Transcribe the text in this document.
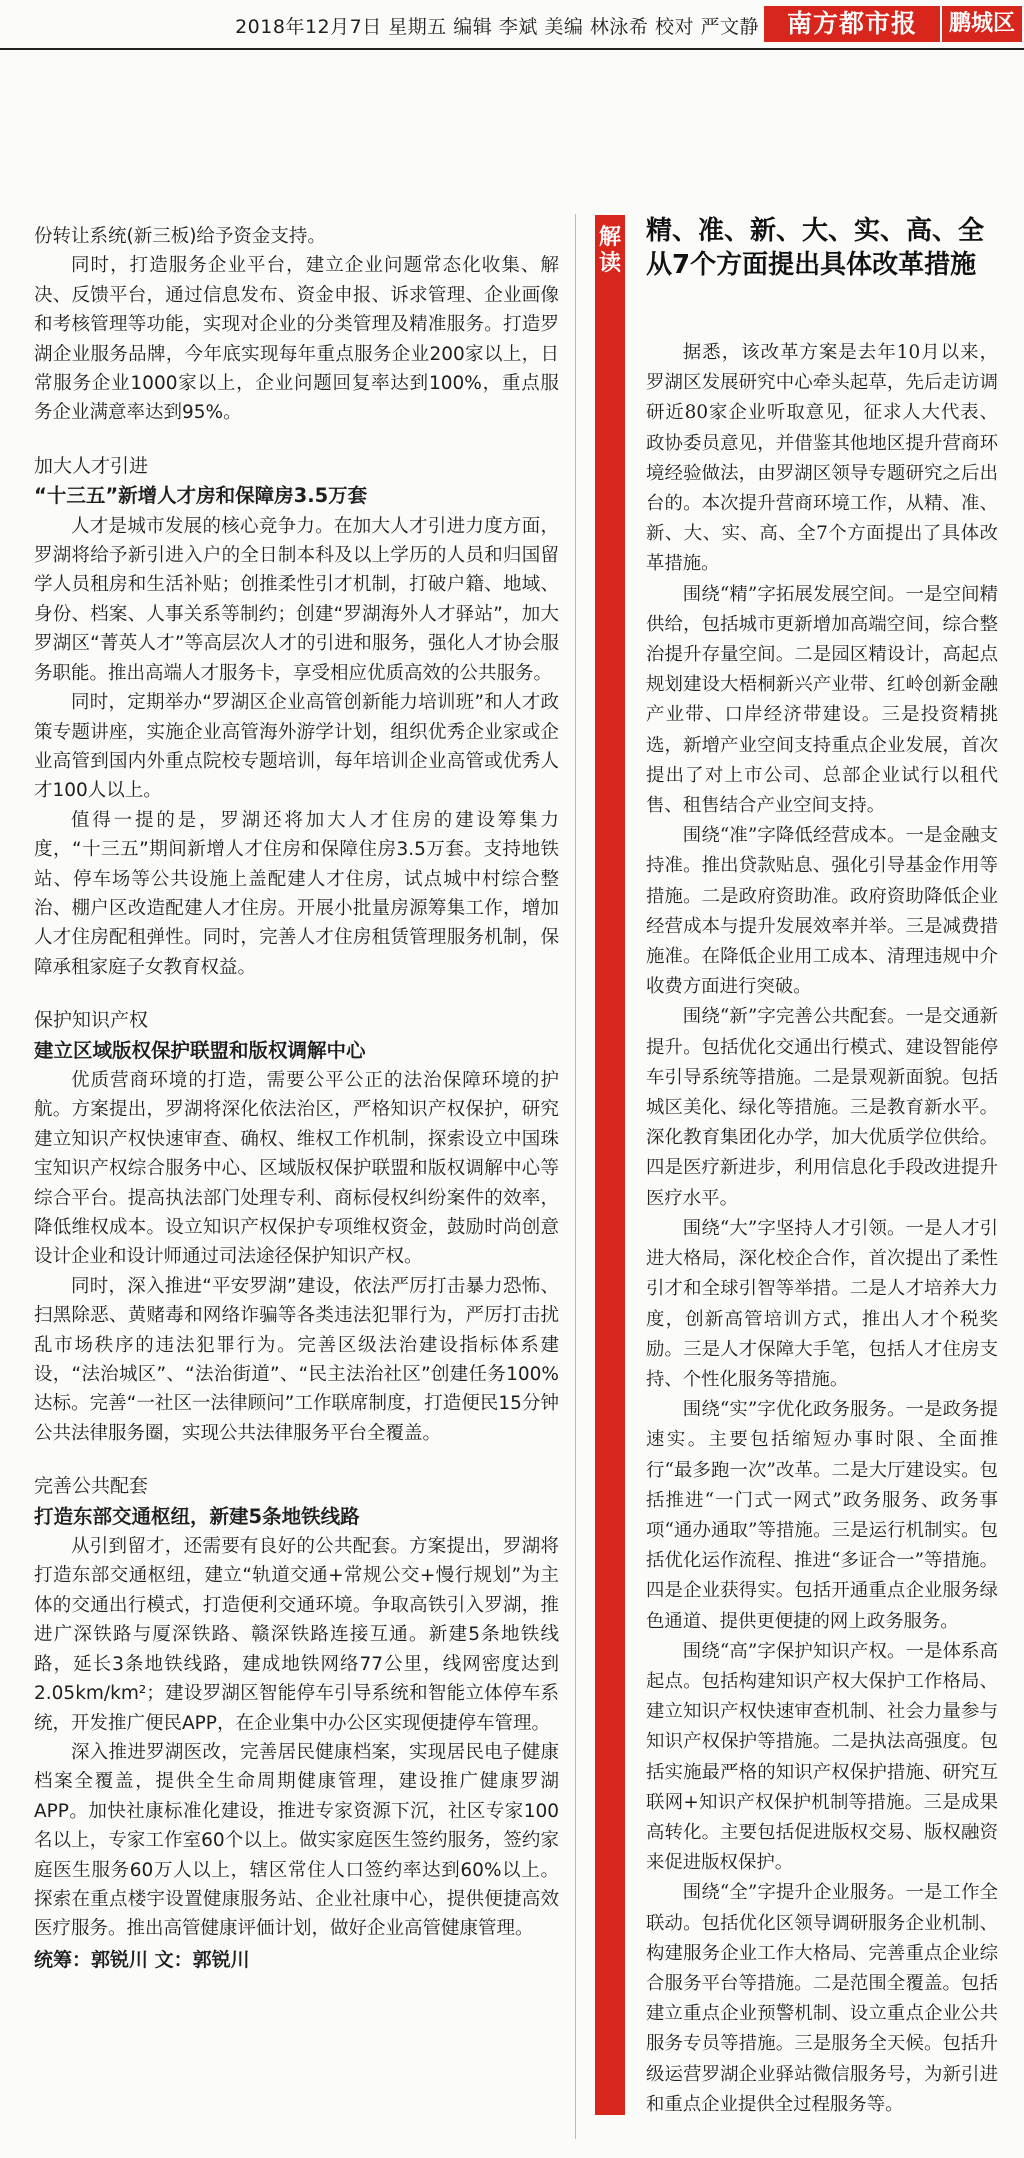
2018年12月7日 星期五 编辑 李斌 美编 林泳希 校对 严文静	南方都市报	鹏城区

份转让系统(新三板)给予资金支持。

同时，打造服务企业平台，建立企业问题常态化收集、解决、反馈平台，通过信息发布、资金申报、诉求管理、企业画像和考核管理等功能，实现对企业的分类管理及精准服务。打造罗湖企业服务品牌，今年底实现每年重点服务企业200家以上，日常服务企业1000家以上，企业问题回复率达到100%，重点服务企业满意率达到95%。

加大人才引进
“十三五”新增人才房和保障房3.5万套

人才是城市发展的核心竞争力。在加大人才引进力度方面，罗湖将给予新引进入户的全日制本科及以上学历的人员和归国留学人员租房和生活补贴；创推柔性引才机制，打破户籍、地域、身份、档案、人事关系等制约；创建“罗湖海外人才驿站”，加大罗湖区“菁英人才”等高层次人才的引进和服务，强化人才协会服务职能。推出高端人才服务卡，享受相应优质高效的公共服务。

同时，定期举办“罗湖区企业高管创新能力培训班”和人才政策专题讲座，实施企业高管海外游学计划，组织优秀企业家或企业高管到国内外重点院校专题培训，每年培训企业高管或优秀人才100人以上。

值得一提的是，罗湖还将加大人才住房的建设筹集力度，“十三五”期间新增人才住房和保障住房3.5万套。支持地铁站、停车场等公共设施上盖配建人才住房，试点城中村综合整治、棚户区改造配建人才住房。开展小批量房源筹集工作，增加人才住房配租弹性。同时，完善人才住房租赁管理服务机制，保障承租家庭子女教育权益。

保护知识产权
建立区域版权保护联盟和版权调解中心

优质营商环境的打造，需要公平公正的法治保障环境的护航。方案提出，罗湖将深化依法治区，严格知识产权保护，研究建立知识产权快速审查、确权、维权工作机制，探索设立中国珠宝知识产权综合服务中心、区域版权保护联盟和版权调解中心等综合平台。提高执法部门处理专利、商标侵权纠纷案件的效率，降低维权成本。设立知识产权保护专项维权资金，鼓励时尚创意设计企业和设计师通过司法途径保护知识产权。

同时，深入推进“平安罗湖”建设，依法严厉打击暴力恐怖、扫黑除恶、黄赌毒和网络诈骗等各类违法犯罪行为，严厉打击扰乱市场秩序的违法犯罪行为。完善区级法治建设指标体系建设，“法治城区”、“法治街道”、“民主法治社区”创建任务100%达标。完善“一社区一法律顾问”工作联席制度，打造便民15分钟公共法律服务圈，实现公共法律服务平台全覆盖。

完善公共配套
打造东部交通枢纽，新建5条地铁线路

从引到留才，还需要有良好的公共配套。方案提出，罗湖将打造东部交通枢纽，建立“轨道交通+常规公交+慢行规划”为主体的交通出行模式，打造便利交通环境。争取高铁引入罗湖，推进广深铁路与厦深铁路、赣深铁路连接互通。新建5条地铁线路，延长3条地铁线路，建成地铁网络77公里，线网密度达到2.05km/km²；建设罗湖区智能停车引导系统和智能立体停车系统，开发推广便民APP，在企业集中办公区实现便捷停车管理。

深入推进罗湖医改，完善居民健康档案，实现居民电子健康档案全覆盖，提供全生命周期健康管理，建设推广健康罗湖APP。加快社康标准化建设，推进专家资源下沉，社区专家100名以上，专家工作室60个以上。做实家庭医生签约服务，签约家庭医生服务60万人以上，辖区常住人口签约率达到60%以上。探索在重点楼宇设置健康服务站、企业社康中心，提供便捷高效医疗服务。推出高管健康评価计划，做好企业高管健康管理。

统筹：郭锐川 文：郭锐川
解读
精、准、新、大、实、高、全
从7个方面提出具体改革措施

据悉，该改革方案是去年10月以来，罗湖区发展研究中心牵头起草，先后走访调研近80家企业听取意见，征求人大代表、政协委员意见，并借鉴其他地区提升营商环境经验做法，由罗湖区领导专题研究之后出台的。本次提升营商环境工作，从精、准、新、大、实、高、全7个方面提出了具体改革措施。

围绕“精”字拓展发展空间。一是空间精供给，包括城市更新增加高端空间，综合整治提升存量空间。二是园区精设计，高起点规划建设大梧桐新兴产业带、红岭创新金融产业带、口岸经济带建设。三是投资精挑选，新增产业空间支持重点企业发展，首次提出了对上市公司、总部企业试行以租代售、租售结合产业空间支持。

围绕“准”字降低经营成本。一是金融支持准。推出贷款贴息、强化引导基金作用等措施。二是政府资助准。政府资助降低企业经营成本与提升发展效率并举。三是减费措施准。在降低企业用工成本、清理违规中介收费方面进行突破。

围绕“新”字完善公共配套。一是交通新提升。包括优化交通出行模式、建设智能停车引导系统等措施。二是景观新面貌。包括城区美化、绿化等措施。三是教育新水平。深化教育集团化办学，加大优质学位供给。四是医疗新进步，利用信息化手段改进提升医疗水平。

围绕“大”字坚持人才引领。一是人才引进大格局，深化校企合作，首次提出了柔性引才和全球引智等举措。二是人才培养大力度，创新高管培训方式，推出人才个税奖励。三是人才保障大手笔，包括人才住房支持、个性化服务等措施。

围绕“实”字优化政务服务。一是政务提速实。主要包括缩短办事时限、全面推行“最多跑一次”改革。二是大厅建设实。包括推进“一门式一网式”政务服务、政务事项“通办通取”等措施。三是运行机制实。包括优化运作流程、推进“多证合一”等措施。四是企业获得实。包括开通重点企业服务绿色通道、提供更便捷的网上政务服务。

围绕“高”字保护知识产权。一是体系高起点。包括构建知识产权大保护工作格局、建立知识产权快速审查机制、社会力量参与知识产权保护等措施。二是执法高强度。包括实施最严格的知识产权保护措施、研究互联网+知识产权保护机制等措施。三是成果高转化。主要包括促进版权交易、版权融资来促进版权保护。

围绕“全”字提升企业服务。一是工作全联动。包括优化区领导调研服务企业机制、构建服务企业工作大格局、完善重点企业综合服务平台等措施。二是范围全覆盖。包括建立重点企业预警机制、设立重点企业公共服务专员等措施。三是服务全天候。包括升级运营罗湖企业驿站微信服务号，为新引进和重点企业提供全过程服务等。
